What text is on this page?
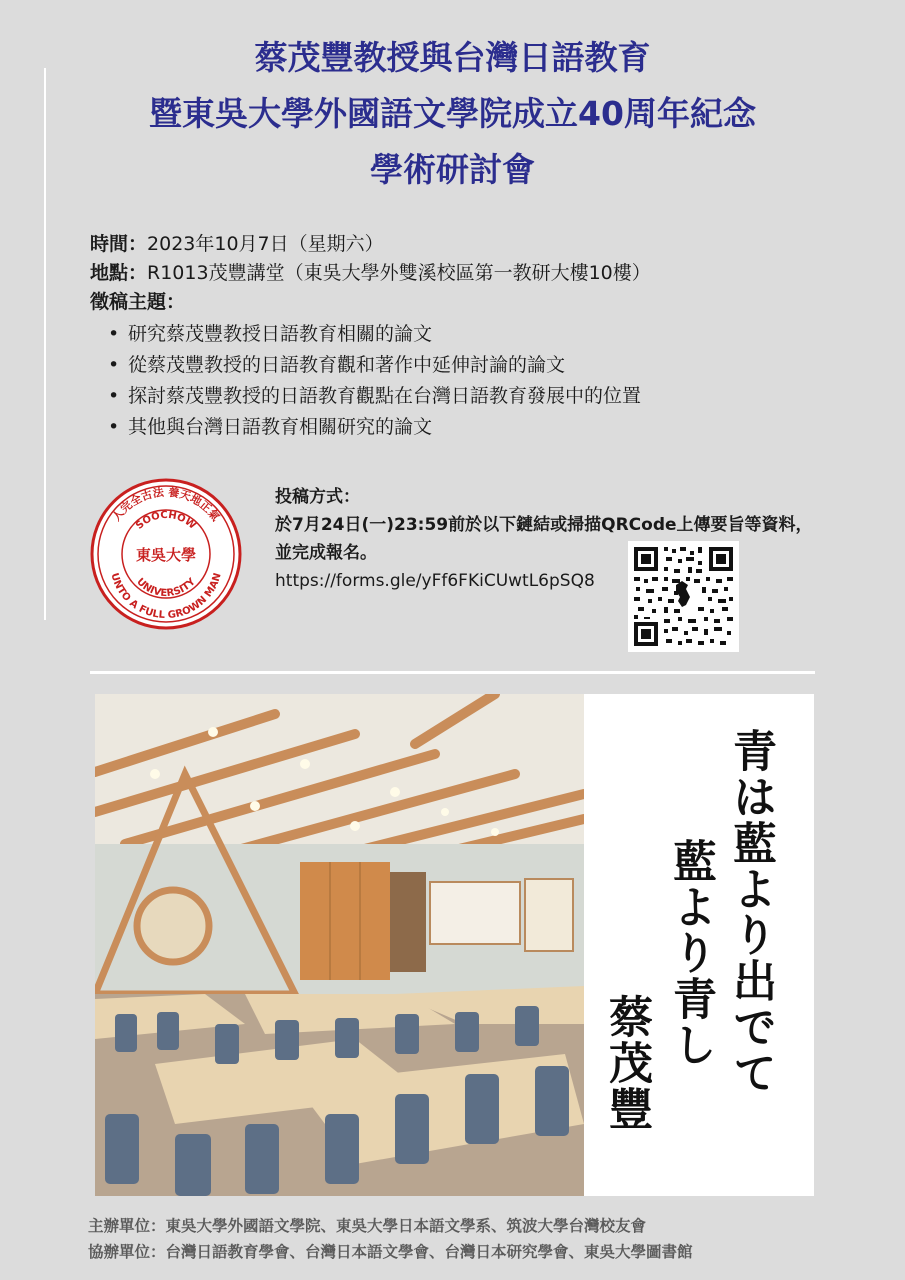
蔡茂豐教授與台灣日語教育
暨東吳大學外國語文學院成立40周年紀念
學術研討會
時間：2023年10月7日（星期六）
地點：R1013茂豐講堂（東吳大學外雙溪校區第一教研大樓10樓）
徵稿主題：
• 研究蔡茂豐教授日語教育相關的論文
• 從蔡茂豐教授的日語教育觀和著作中延伸討論的論文
• 探討蔡茂豐教授的日語教育觀點在台灣日語教育發展中的位置
• 其他與台灣日語教育相關研究的論文
人完全古法 養天地正氣
UNTO A FULL GROWN MAN
SOOCHOW
UNIVERSITY
東吳大學
投稿方式：
於7月24日(一)23:59前於以下鏈結或掃描QRCode上傳要旨等資料，
並完成報名。
https://forms.gle/yFf6FKiCUwtL6pSQ8
青は藍より出でて
藍より青し
蔡茂豐
主辦單位：東吳大學外國語文學院、東吳大學日本語文學系、筑波大學台灣校友會
協辦單位：台灣日語教育學會、台灣日本語文學會、台灣日本研究學會、東吳大學圖書館
